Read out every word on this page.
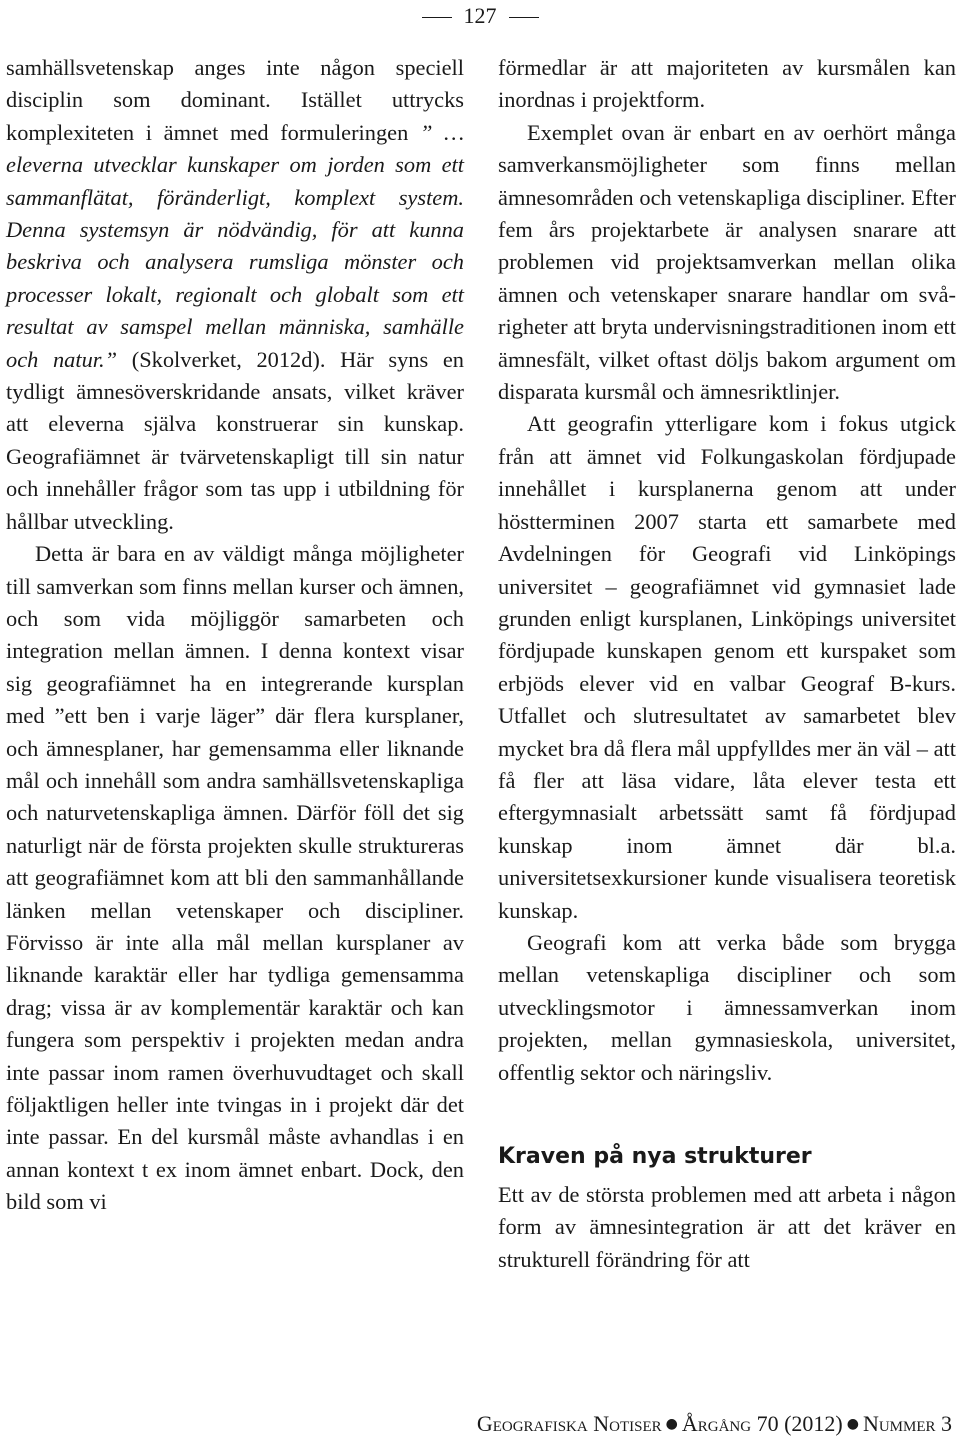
127

samhällsvetenskap anges inte någon speciell disciplin som dominant. Istället uttrycks komplexiteten i ämnet med formuleringen ” … eleverna utvecklar kunskaper om jorden som ett sammanflätat, föränderligt, komplext system. Denna systemsyn är nödvändig, för att kunna beskriva och analysera rumsliga mönster och processer lokalt, regionalt och globalt som ett resultat av samspel mellan människa, samhälle och natur.” (Skolverket, 2012d). Här syns en tydligt ämnesöverskridande ansats, vilket kräver att eleverna själva konstruerar sin kunskap. Geografiämnet är tvärvetenskapligt till sin natur och innehåller frågor som tas upp i utbildning för hållbar utveckling.

Detta är bara en av väldigt många möjligheter till samverkan som finns mellan kurser och ämnen, och som vida möjliggör samarbeten och integration mellan ämnen. I denna kontext visar sig geografiämnet ha en integrerande kursplan med ”ett ben i varje läger” där flera kursplaner, och ämnesplaner, har gemensamma eller liknande mål och innehåll som andra samhällsvetenskapliga och naturvetenskapliga ämnen. Därför föll det sig naturligt när de första projekten skulle struktureras att geografiämnet kom att bli den sammanhållande länken mellan vetenskaper och discipliner. Förvisso är inte alla mål mellan kursplaner av liknande karaktär eller har tydliga gemensamma drag; vissa är av komplementär karaktär och kan fungera som perspektiv i projekten medan andra inte passar inom ramen överhuvudtaget och skall följaktligen heller inte tvingas in i projekt där det inte passar. En del kursmål måste avhandlas i en annan kontext t ex inom ämnet enbart. Dock, den bild som vi

förmedlar är att majoriteten av kursmålen kan inordnas i projektform.

Exemplet ovan är enbart en av oerhört många samverkansmöjligheter som finns mellan ämnesområden och vetenskapliga discipliner. Efter fem års projektarbete är analysen snarare att problemen vid projektsamverkan mellan olika ämnen och vetenskaper snarare handlar om svårigheter att bryta undervisningstraditionen inom ett ämnesfält, vilket oftast döljs bakom argument om disparata kursmål och ämnesriktlinjer.

Att geografin ytterligare kom i fokus utgick från att ämnet vid Folkungaskolan fördjupade innehållet i kursplanerna genom att under höstterminen 2007 starta ett samarbete med Avdelningen för Geografi vid Linköpings universitet – geografiämnet vid gymnasiet lade grunden enligt kursplanen, Linköpings universitet fördjupade kunskapen genom ett kurspaket som erbjöds elever vid en valbar Geograf B-kurs. Utfallet och slutresultatet av samarbetet blev mycket bra då flera mål uppfylldes mer än väl – att få fler att läsa vidare, låta elever testa ett eftergymnasialt arbetssätt samt få fördjupad kunskap inom ämnet där bl.a. universitetsexkursioner kunde visualisera teoretisk kunskap.

Geografi kom att verka både som brygga mellan vetenskapliga discipliner och som utvecklingsmotor i ämnessamverkan inom projekten, mellan gymnasieskola, universitet, offentlig sektor och näringsliv.

Kraven på nya strukturer

Ett av de största problemen med att arbeta i någon form av ämnesintegration är att det kräver en strukturell förändring för att

Geografiska Notiser ● Årgång 70 (2012) ● Nummer 3
